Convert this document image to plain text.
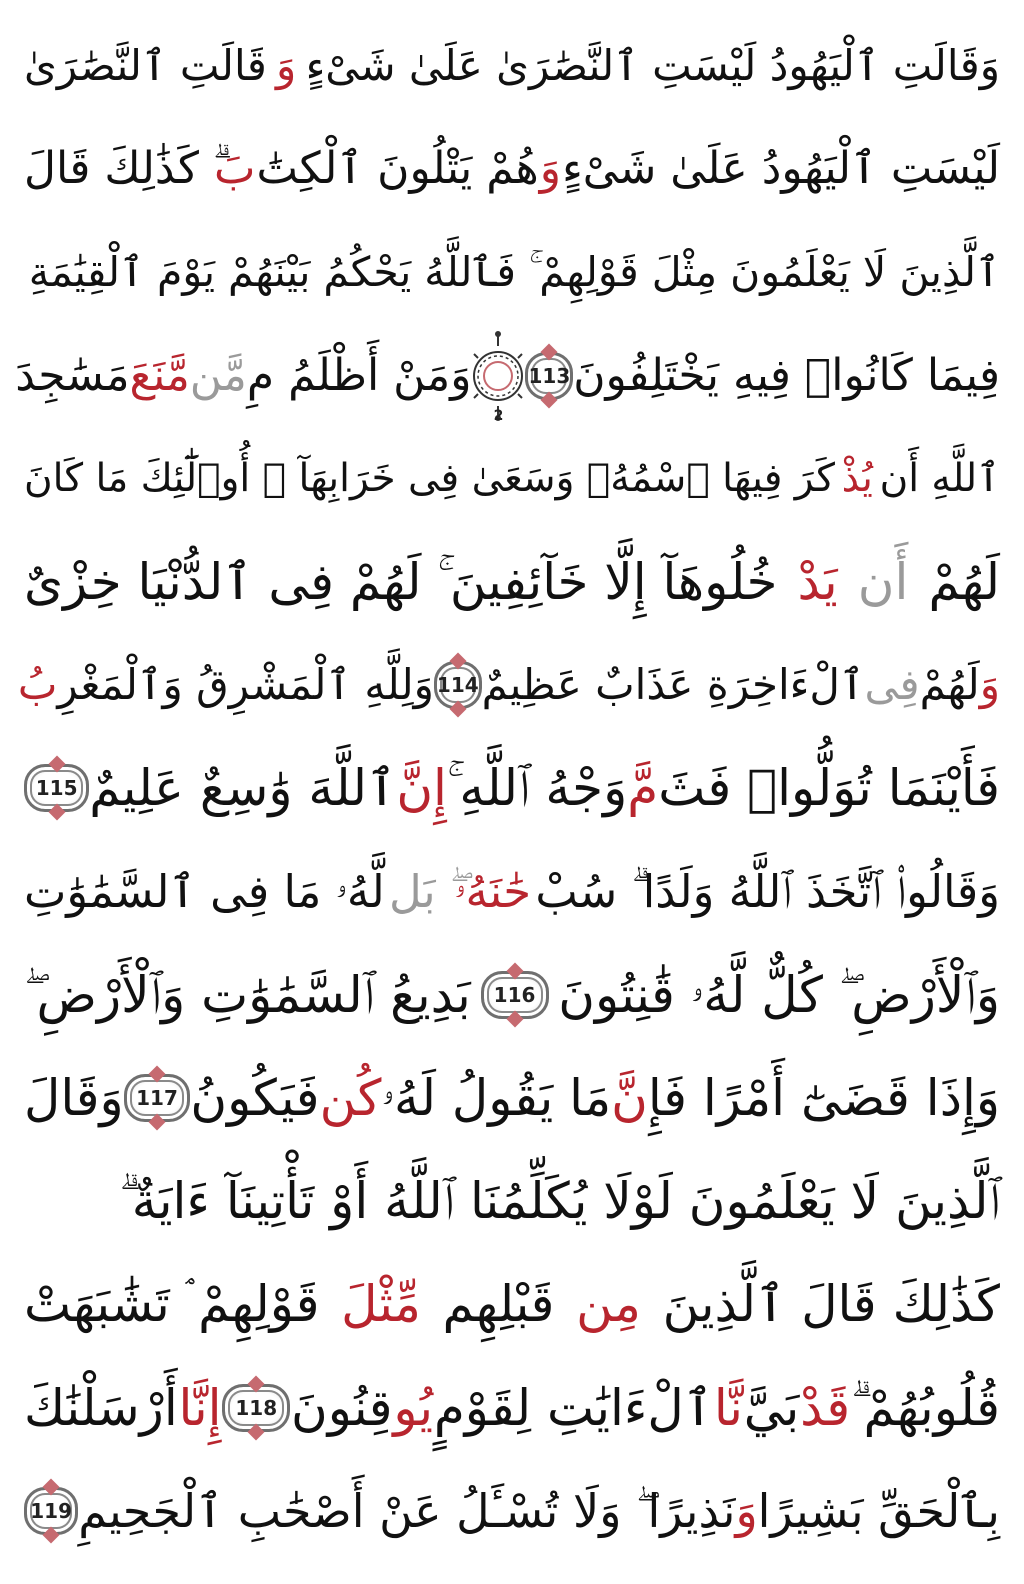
وَقَالَتِ ٱلْيَهُودُ لَيْسَتِ ٱلنَّصَٰرَىٰ عَلَىٰ شَىْءٍ
وَ
قَالَتِ ٱلنَّصَٰرَىٰ
لَيْسَتِ ٱلْيَهُودُ عَلَىٰ شَىْءٍ
وَ
هُمْ يَتْلُونَ ٱلْكِتَٰ
بَ
ۗ كَذَٰلِكَ قَالَ
ٱلَّذِينَ لَا يَعْلَمُونَ مِثْلَ قَوْلِهِمْ ۚ فَٱللَّهُ يَحْكُمُ بَيْنَهُمْ يَوْمَ ٱلْقِيَٰمَةِ
فِيمَا كَانُوا۟ فِيهِ يَخْتَلِفُونَ
113
2
وَمَنْ أَظْلَمُ مِ
مَّن
مَّنَعَ
مَسَٰجِدَ
ٱللَّهِ أَن
يُذْ
كَرَ فِيهَا ٱسْمُهُۥ وَسَعَىٰ فِى خَرَابِهَآ ۚ أُو۟لَٰٓئِكَ مَا كَانَ
لَهُمْ
أَن
يَدْ
خُلُوهَآ إِلَّا خَآئِفِينَ ۚ لَهُمْ فِى ٱلدُّنْيَا خِزْىٌ
وَ
لَهُمْ
فِى
ٱلْءَاخِرَةِ عَذَابٌ عَظِيمٌ
114
وَلِلَّهِ ٱلْمَشْرِقُ وَٱلْمَغْرِ
بُ
فَأَيْنَمَا تُوَلُّوا۟ فَثَ
مَّ
وَجْهُ ٱللَّهِ ۚ
إِنَّ
ٱللَّهَ وَٰسِعٌ عَلِيمٌ
115
وَقَالُوا۟ ٱتَّخَذَ ٱللَّهُ وَلَدًا ۗ سُبْ
حَٰنَهُۥ
ۖ بَل
لَّهُۥ مَا فِى ٱلسَّمَٰوَٰتِ
وَٱلْأَرْضِ ۖ كُلٌّ لَّهُۥ قَٰنِتُونَ
116
بَدِيعُ ٱلسَّمَٰوَٰتِ وَٱلْأَرْضِ ۖ
وَإِذَا قَضَىٰٓ أَمْرًا فَإِ
نَّ
مَا يَقُولُ لَهُۥ
كُن
فَيَكُونُ
117
وَقَالَ
ٱلَّذِينَ لَا يَعْلَمُونَ لَوْلَا يُكَلِّمُنَا ٱللَّهُ أَوْ تَأْتِينَآ ءَايَةٌ ۗ
كَذَٰلِكَ قَالَ ٱلَّذِينَ
مِن
قَبْلِهِم
مِّثْلَ
قَوْلِهِمْ ۘ تَشَٰبَهَتْ
قُلُوبُهُمْ ۗ
قَدْ
بَيَّ
نَّا
ٱلْءَايَٰتِ لِقَوْمٍ
يُو
قِنُونَ
118
إِنَّا
أَرْسَلْنَٰكَ
بِٱلْحَقِّ بَشِيرًا
وَ
نَذِيرًا ۖ وَلَا تُسْـَٔلُ عَنْ أَصْحَٰبِ ٱلْجَحِيمِ
119
